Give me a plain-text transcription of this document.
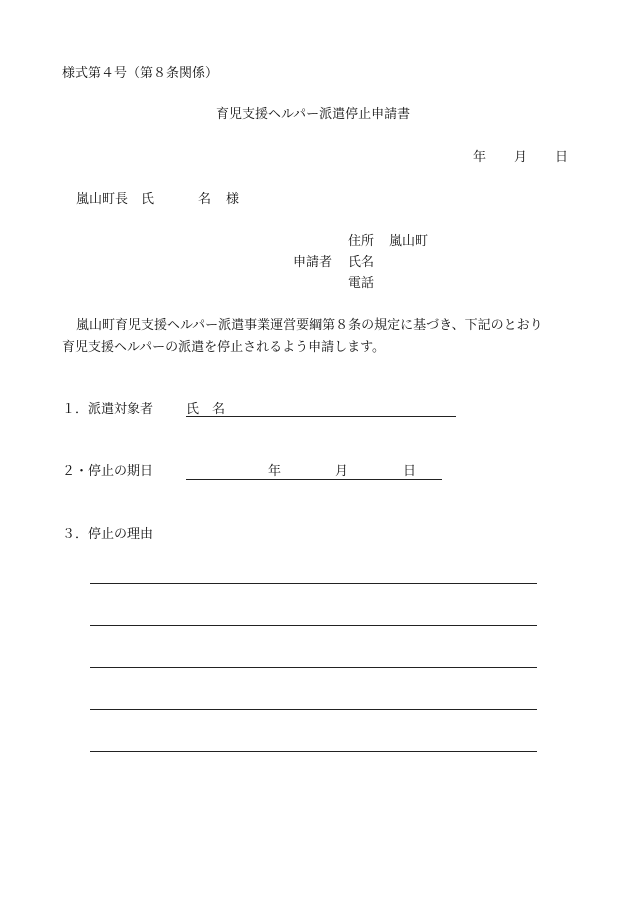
様式第４号（第８条関係）
育児支援ヘルパー派遣停止申請書
年 月 日
嵐山町長　氏	名 様
住所 嵐山町
申請者 氏名
電話
嵐山町育児支援ヘルパー派遣事業運営要綱第８条の規定に基づき、下記のとおり
育児支援ヘルパーの派遣を停止されるよう申請します。
１．派遣対象者	氏　名
２・停止の期日	年	月	日
３．停止の理由
